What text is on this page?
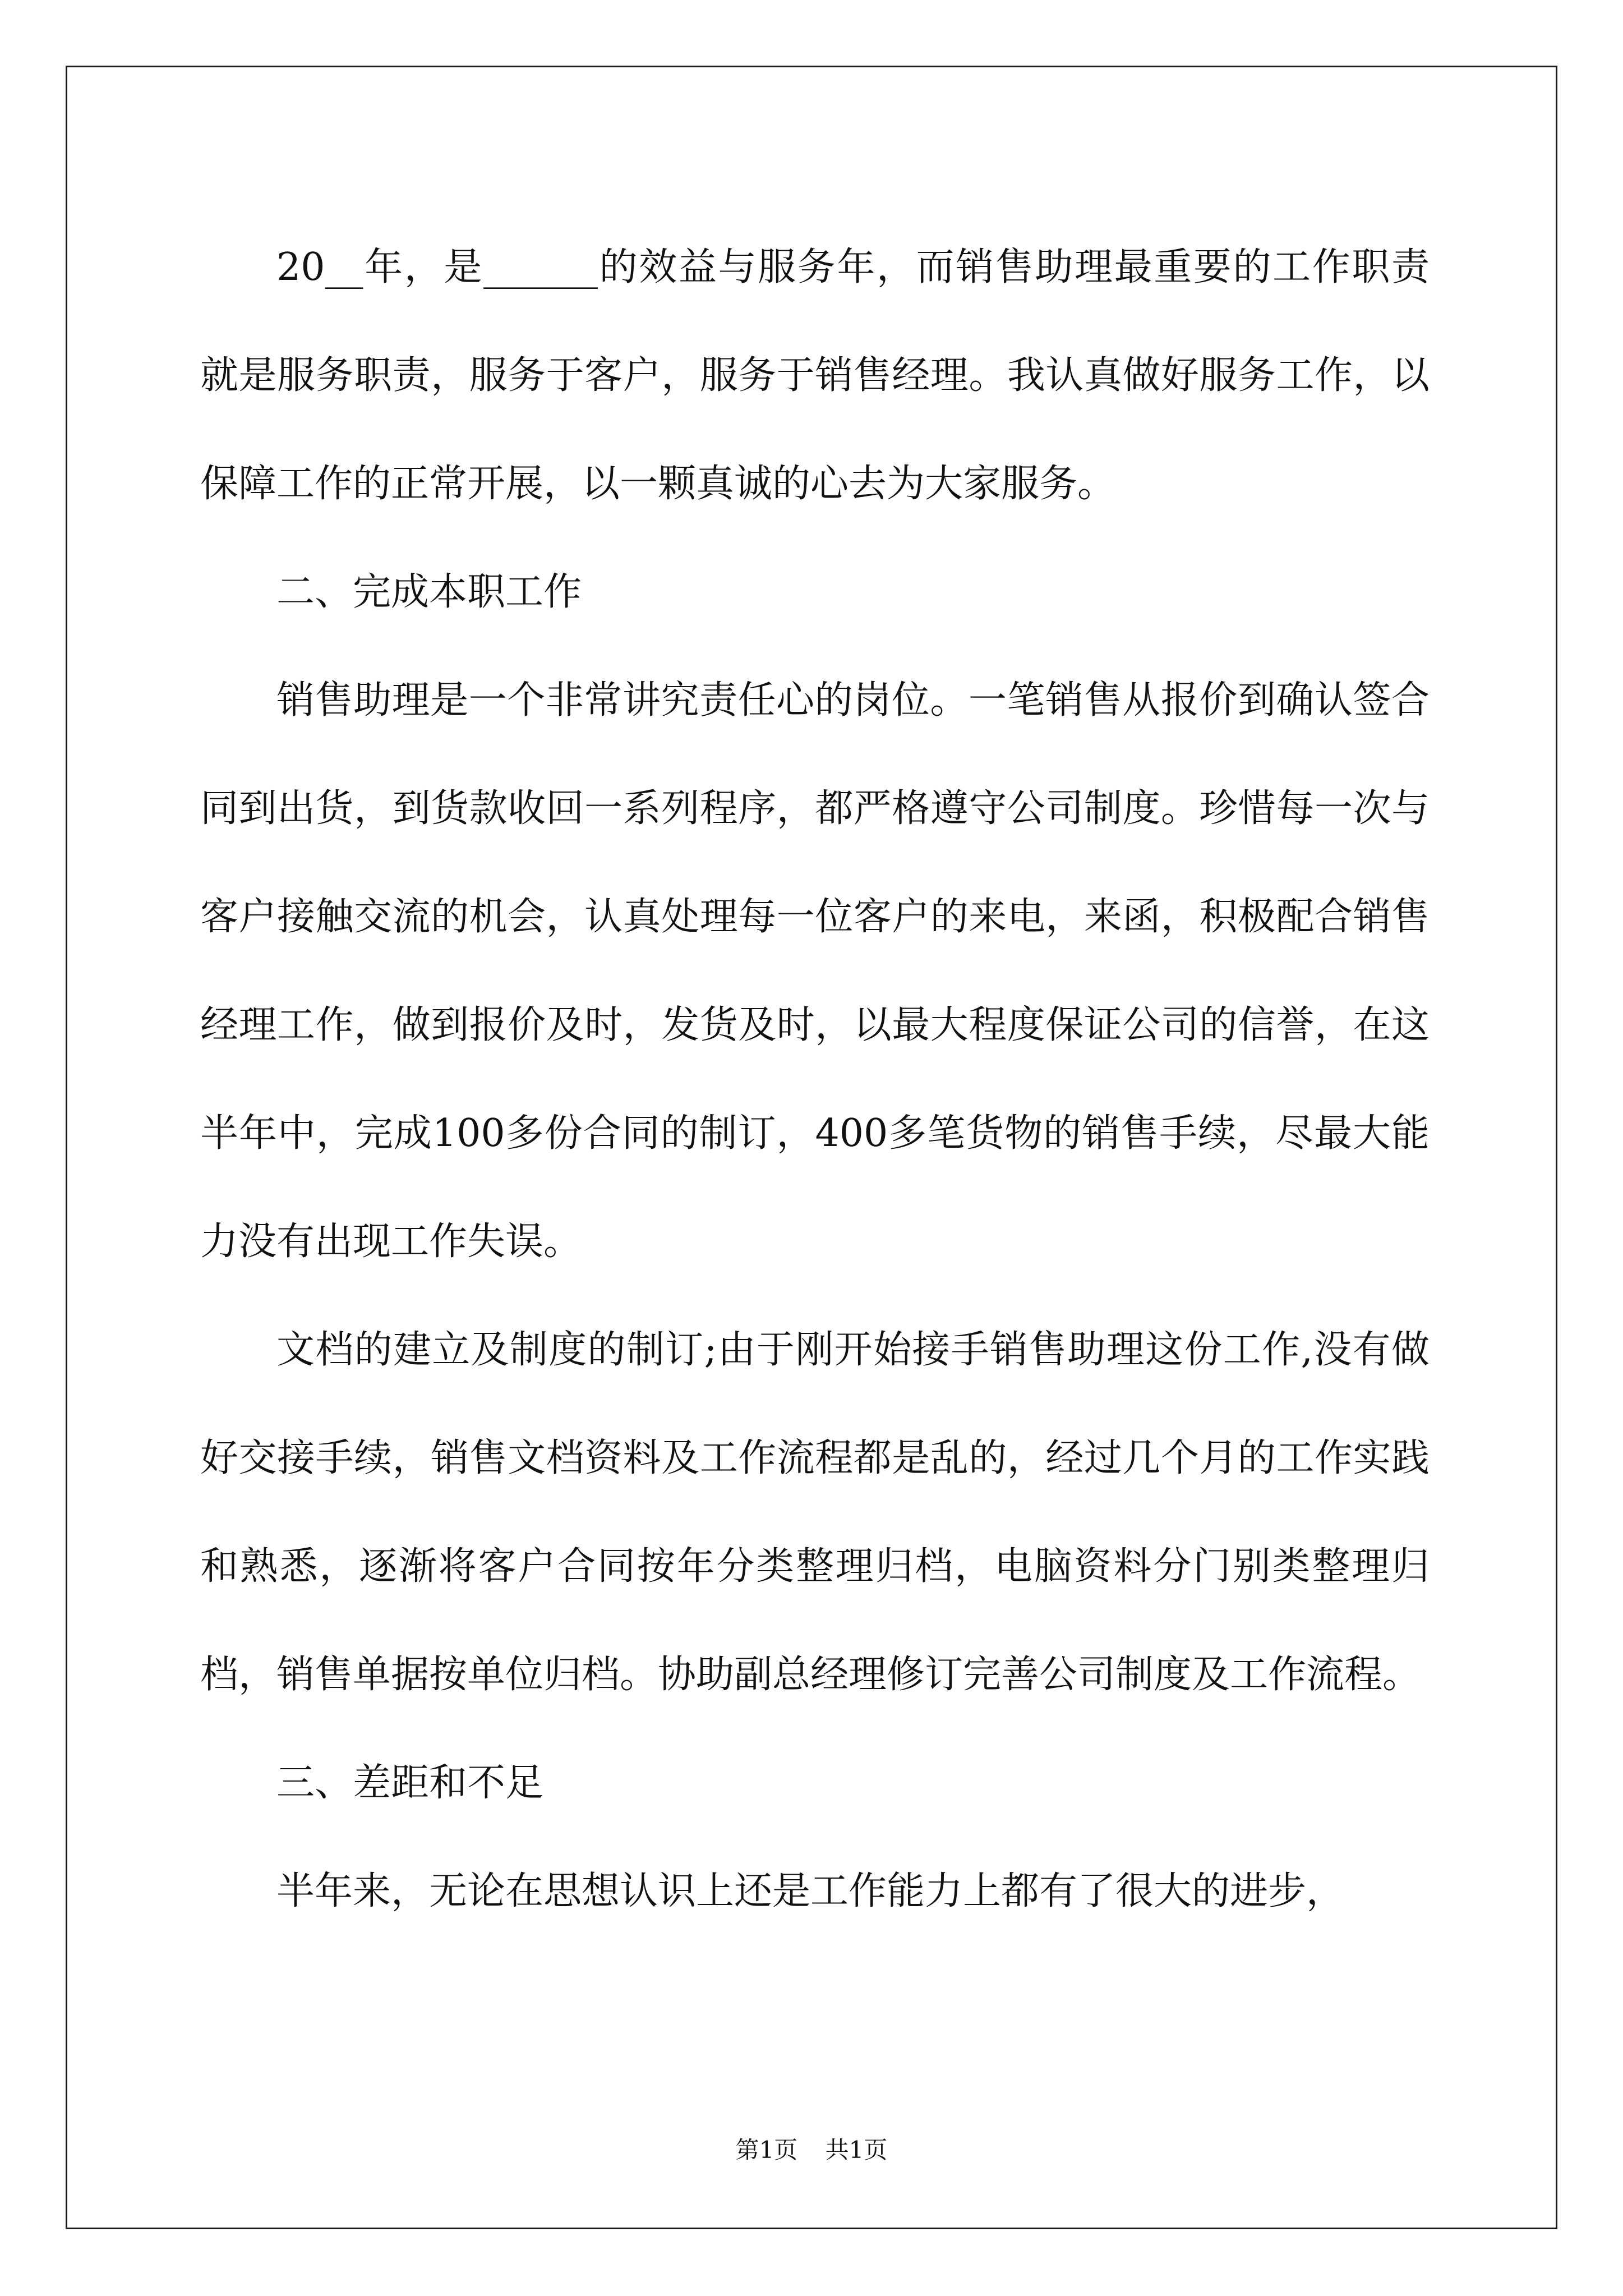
20__年，是______的效益与服务年，而销售助理最重要的工作职责就是服务职责，服务于客户，服务于销售经理。我认真做好服务工作，以保障工作的正常开展，以一颗真诚的心去为大家服务。

二、完成本职工作

销售助理是一个非常讲究责任心的岗位。一笔销售从报价到确认签合同到出货，到货款收回一系列程序，都严格遵守公司制度。珍惜每一次与客户接触交流的机会，认真处理每一位客户的来电，来函，积极配合销售经理工作，做到报价及时，发货及时，以最大程度保证公司的信誉，在这半年中，完成100多份合同的制订，400多笔货物的销售手续，尽最大能力没有出现工作失误。

文档的建立及制度的制订;由于刚开始接手销售助理这份工作,没有做好交接手续，销售文档资料及工作流程都是乱的，经过几个月的工作实践和熟悉，逐渐将客户合同按年分类整理归档，电脑资料分门别类整理归档，销售单据按单位归档。协助副总经理修订完善公司制度及工作流程。

三、差距和不足

半年来，无论在思想认识上还是工作能力上都有了很大的进步，

第1页 共1页
